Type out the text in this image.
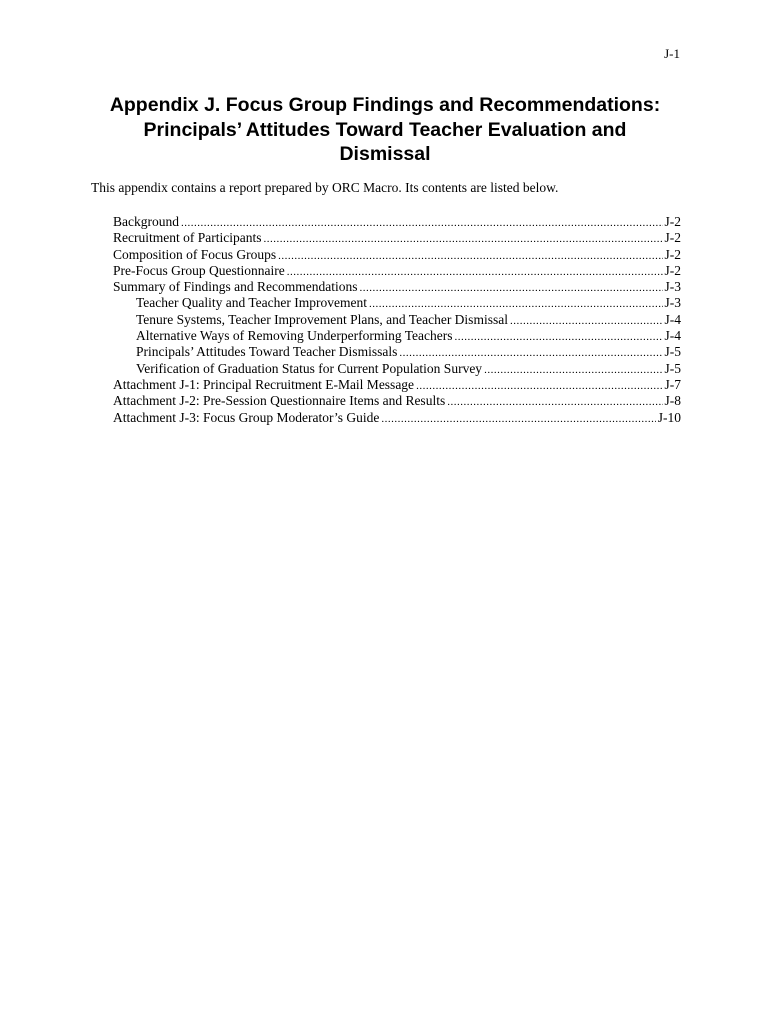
J-1
Appendix J. Focus Group Findings and Recommendations:
Principals’ Attitudes Toward Teacher Evaluation and
Dismissal

This appendix contains a report prepared by ORC Macro. Its contents are listed below.

Background .....	J-2
Recruitment of Participants .....	J-2
Composition of Focus Groups .....	J-2
Pre-Focus Group Questionnaire .....	J-2
Summary of Findings and Recommendations .....	J-3
Teacher Quality and Teacher Improvement .....	J-3
Tenure Systems, Teacher Improvement Plans, and Teacher Dismissal .....	J-4
Alternative Ways of Removing Underperforming Teachers .....	J-4
Principals’ Attitudes Toward Teacher Dismissals .....	J-5
Verification of Graduation Status for Current Population Survey .....	J-5
Attachment J-1: Principal Recruitment E-Mail Message .....	J-7
Attachment J-2: Pre-Session Questionnaire Items and Results .....	J-8
Attachment J-3: Focus Group Moderator’s Guide .....	J-10
